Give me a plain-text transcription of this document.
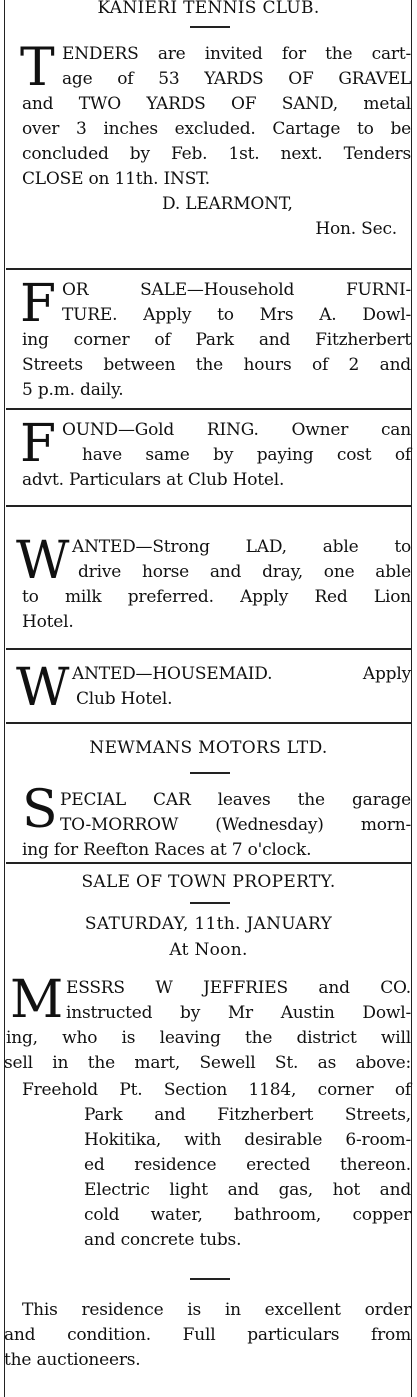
KANIERI TENNIS CLUB.
T ENDERS are invited for the cart-
age of 53 YARDS OF GRAVEL
and TWO YARDS OF SAND, metal
over 3 inches excluded. Cartage to be
concluded by Feb. 1st. next. Tenders
CLOSE on 11th. INST.
D. LEARMONT,
Hon. Sec.
F OR SALE—Household FURNI-
TURE. Apply to Mrs A. Dowl-
ing corner of Park and Fitzherbert
Streets between the hours of 2 and
5 p.m. daily.
F OUND—Gold RING. Owner can
have same by paying cost of
advt. Particulars at Club Hotel.
W ANTED—Strong LAD, able to
drive horse and dray, one able
to milk preferred. Apply Red Lion
Hotel.
W ANTED—HOUSEMAID. Apply
Club Hotel.
NEWMANS MOTORS LTD.
S PECIAL CAR leaves the garage
TO-MORROW (Wednesday) morn-
ing for Reefton Races at 7 o'clock.
SALE OF TOWN PROPERTY.
SATURDAY, 11th. JANUARY
At Noon.
M ESSRS W JEFFRIES and CO.
instructed by Mr Austin Dowl-
ing, who is leaving the district will
sell in the mart, Sewell St. as above:
Freehold Pt. Section 1184, corner of
Park and Fitzherbert Streets,
Hokitika, with desirable 6-room-
ed residence erected thereon.
Electric light and gas, hot and
cold water, bathroom, copper
and concrete tubs.
This residence is in excellent order
and condition. Full particulars from
the auctioneers.
